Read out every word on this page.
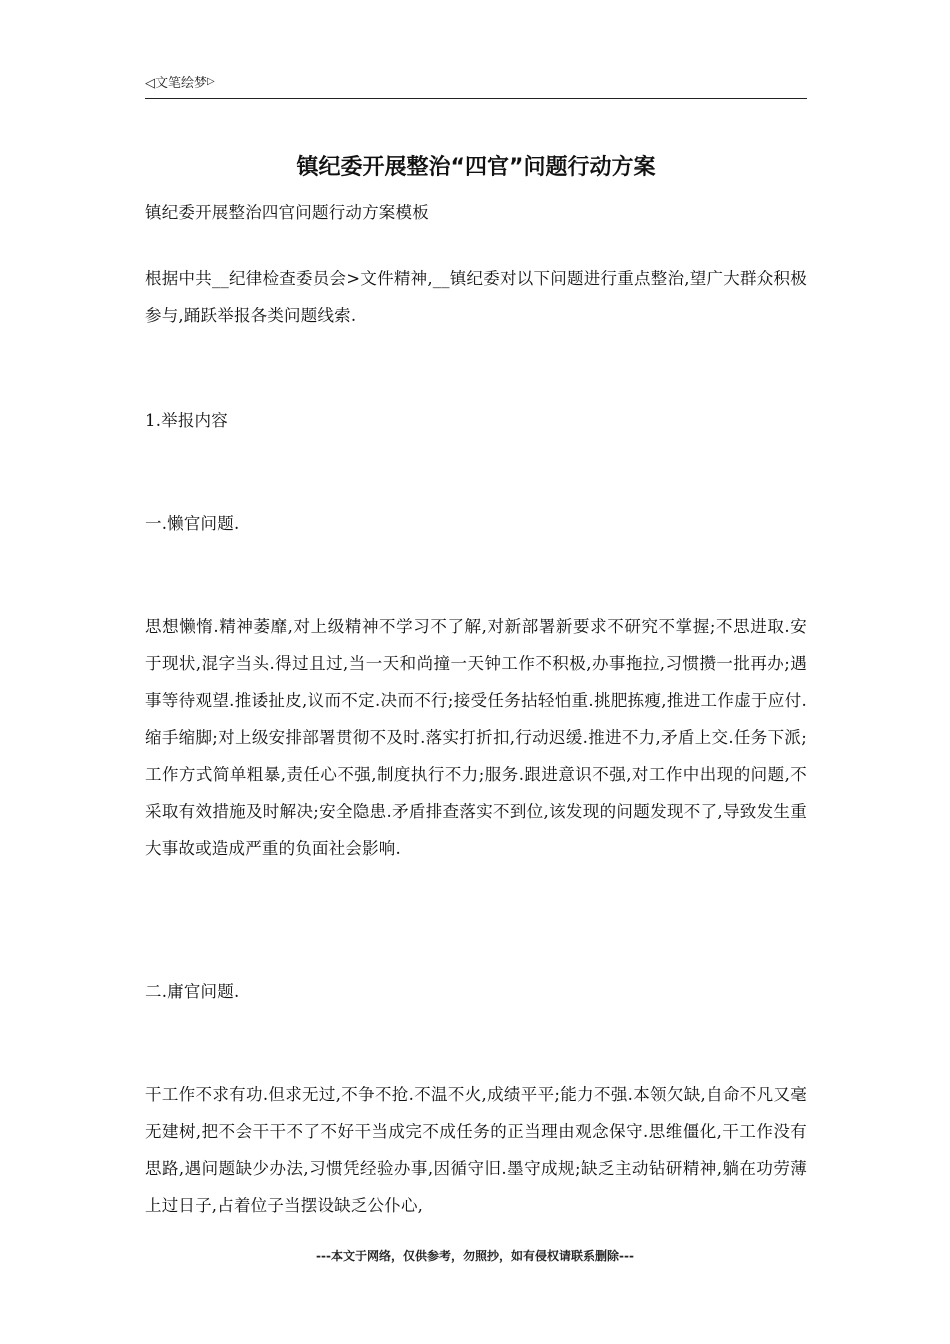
◁ 文笔绘梦 ▷
镇纪委开展整治“四官”问题行动方案

镇纪委开展整治四官问题行动方案模板

根据中共__纪律检查委员会>文件精神,__镇纪委对以下问题进行重点整治,望广大群众积极参与,踊跃举报各类问题线索.

1.举报内容

一.懒官问题.

思想懒惰.精神萎靡,对上级精神不学习不了解,对新部署新要求不研究不掌握;不思进取.安于现状,混字当头.得过且过,当一天和尚撞一天钟工作不积极,办事拖拉,习惯攒一批再办;遇事等待观望.推诿扯皮,议而不定.决而不行;接受任务拈轻怕重.挑肥拣瘦,推进工作虚于应付.缩手缩脚;对上级安排部署贯彻不及时.落实打折扣,行动迟缓.推进不力,矛盾上交.任务下派;工作方式简单粗暴,责任心不强,制度执行不力;服务.跟进意识不强,对工作中出现的问题,不采取有效措施及时解决;安全隐患.矛盾排查落实不到位,该发现的问题发现不了,导致发生重大事故或造成严重的负面社会影响.

二.庸官问题.

干工作不求有功.但求无过,不争不抢.不温不火,成绩平平;能力不强.本领欠缺,自命不凡又毫无建树,把不会干干不了不好干当成完不成任务的正当理由观念保守.思维僵化,干工作没有思路,遇问题缺少办法,习惯凭经验办事,因循守旧.墨守成规;缺乏主动钻研精神,躺在功劳薄上过日子,占着位子当摆设缺乏公仆心,

---本文于网络，仅供参考，勿照抄，如有侵权请联系删除---
